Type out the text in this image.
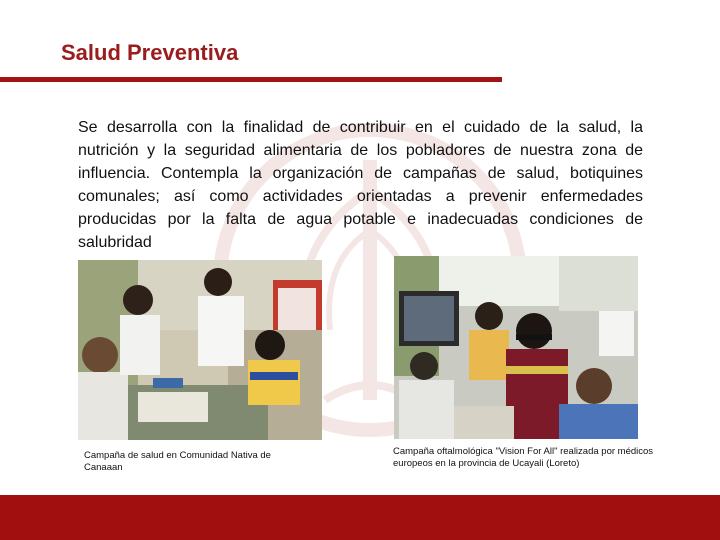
Salud Preventiva
Se desarrolla con la finalidad de contribuir en el cuidado de la salud, la nutrición y la seguridad alimentaria de los pobladores de nuestra zona de influencia. Contempla la organización de campañas de salud, botiquines comunales; así como actividades orientadas a prevenir enfermedades producidas por la falta de agua potable e inadecuadas condiciones de salubridad
Campaña de salud en Comunidad Nativa de Canaaan
Campaña oftalmológica "Vision For All" realizada por médicos europeos en la provincia de Ucayali (Loreto)
